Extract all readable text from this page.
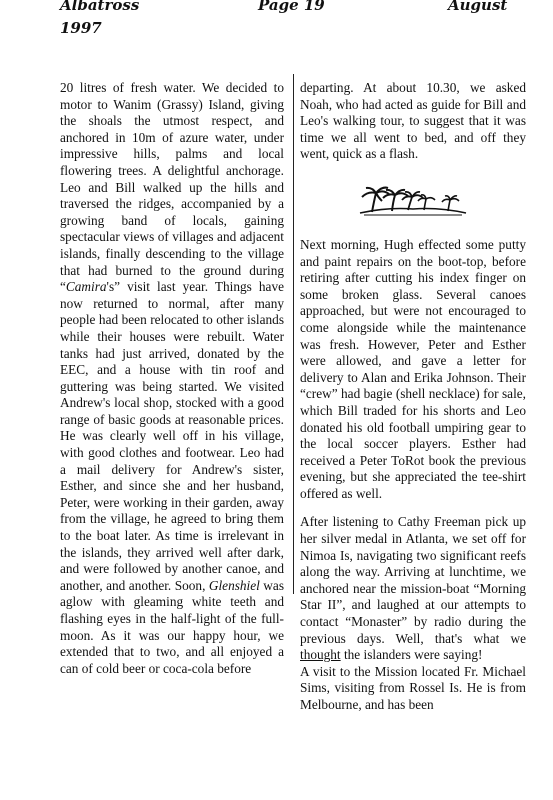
Albatross
1997
Page 19	August

20 litres of fresh water. We decided to motor to Wanim (Grassy) Island, giving the shoals the utmost respect, and anchored in 10m of azure water, under impressive hills, palms and local flowering trees. A delightful anchorage. Leo and Bill walked up the hills and traversed the ridges, accompanied by a growing band of locals, gaining spectacular views of villages and adjacent islands, finally descending to the village that had burned to the ground during “Camira's” visit last year. Things have now returned to normal, after many people had been relocated to other islands while their houses were rebuilt. Water tanks had just arrived, donated by the EEC, and a house with tin roof and guttering was being started. We visited Andrew's local shop, stocked with a good range of basic goods at reasonable prices. He was clearly well off in his village, with good clothes and footwear. Leo had a mail delivery for Andrew's sister, Esther, and since she and her husband, Peter, were working in their garden, away from the village, he agreed to bring them to the boat later. As time is irrelevant in the islands, they arrived well after dark, and were followed by another canoe, and another, and another. Soon, Glenshiel was aglow with gleaming white teeth and flashing eyes in the half-light of the full-moon. As it was our happy hour, we extended that to two, and all enjoyed a can of cold beer or coca-cola before

departing. At about 10.30, we asked Noah, who had acted as guide for Bill and Leo's walking tour, to suggest that it was time we all went to bed, and off they went, quick as a flash.

Next morning, Hugh effected some putty and paint repairs on the boot-top, before retiring after cutting his index finger on some broken glass. Several canoes approached, but were not encouraged to come alongside while the maintenance was fresh. However, Peter and Esther were allowed, and gave a letter for delivery to Alan and Erika Johnson. Their “crew” had bagie (shell necklace) for sale, which Bill traded for his shorts and Leo donated his old football umpiring gear to the local soccer players. Esther had received a Peter ToRot book the previous evening, but she appreciated the tee-shirt offered as well.

After listening to Cathy Freeman pick up her silver medal in Atlanta, we set off for Nimoa Is, navigating two significant reefs along the way. Arriving at lunchtime, we anchored near the mission-boat “Morning Star II”, and laughed at our attempts to contact “Monaster” by radio during the previous days. Well, that's what we thought the islanders were saying!

A visit to the Mission located Fr. Michael Sims, visiting from Rossel Is. He is from Melbourne, and has been
